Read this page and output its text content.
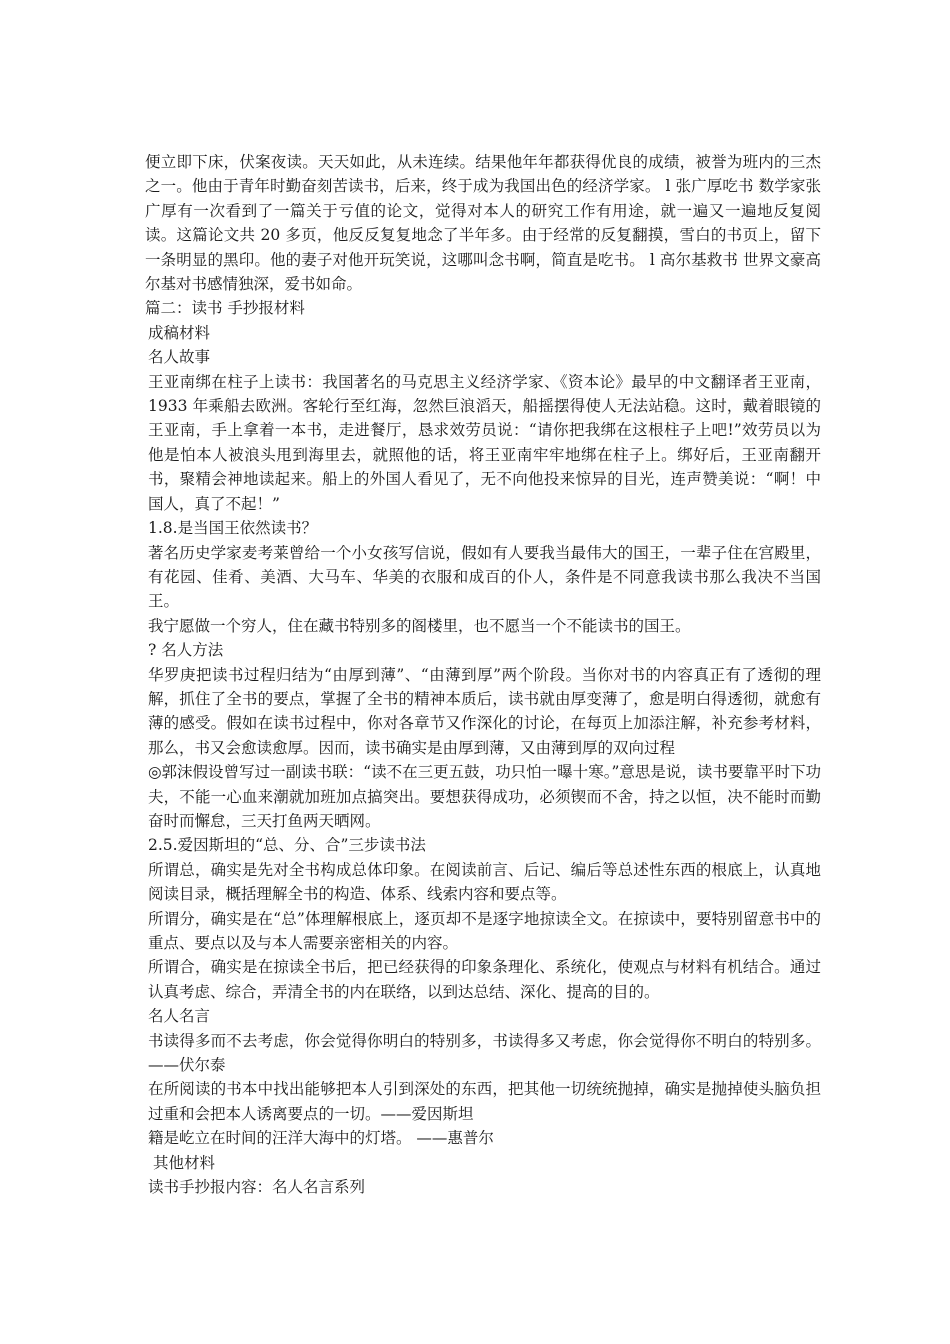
便立即下床，伏案夜读。天天如此，从未连续。结果他年年都获得优良的成绩，被誉为班内的三杰之一。他由于青年时勤奋刻苦读书，后来，终于成为我国出色的经济学家。 l 张广厚吃书 数学家张广厚有一次看到了一篇关于亏值的论文，觉得对本人的研究工作有用途，就一遍又一遍地反复阅读。这篇论文共 20 多页，他反反复复地念了半年多。由于经常的反复翻摸，雪白的书页上，留下一条明显的黑印。他的妻子对他开玩笑说，这哪叫念书啊，简直是吃书。 l 高尔基救书 世界文豪高尔基对书感情独深，爱书如命。

篇二：读书 手抄报材料

成稿材料

名人故事

王亚南绑在柱子上读书：我国著名的马克思主义经济学家、《资本论》最早的中文翻译者王亚南，1933 年乘船去欧洲。客轮行至红海，忽然巨浪滔天，船摇摆得使人无法站稳。这时，戴着眼镜的王亚南，手上拿着一本书，走进餐厅，恳求效劳员说：“请你把我绑在这根柱子上吧!”效劳员以为他是怕本人被浪头甩到海里去，就照他的话，将王亚南牢牢地绑在柱子上。绑好后，王亚南翻开书，聚精会神地读起来。船上的外国人看见了，无不向他投来惊异的目光，连声赞美说：“啊！中国人，真了不起！”

1.8.是当国王依然读书？

著名历史学家麦考莱曾给一个小女孩写信说，假如有人要我当最伟大的国王，一辈子住在宫殿里，有花园、佳肴、美酒、大马车、华美的衣服和成百的仆人，条件是不同意我读书那么我决不当国王。

我宁愿做一个穷人，住在藏书特别多的阁楼里，也不愿当一个不能读书的国王。

? 名人方法

华罗庚把读书过程归结为“由厚到薄”、“由薄到厚”两个阶段。当你对书的内容真正有了透彻的理解，抓住了全书的要点，掌握了全书的精神本质后，读书就由厚变薄了，愈是明白得透彻，就愈有薄的感受。假如在读书过程中，你对各章节又作深化的讨论，在每页上加添注解，补充参考材料，那么，书又会愈读愈厚。因而，读书确实是由厚到薄，又由薄到厚的双向过程

◎郭沫假设曾写过一副读书联：“读不在三更五鼓，功只怕一曝十寒。”意思是说，读书要靠平时下功夫，不能一心血来潮就加班加点搞突出。要想获得成功，必须锲而不舍，持之以恒，决不能时而勤奋时而懈怠，三天打鱼两天晒网。

2.5.爱因斯坦的“总、分、合”三步读书法

所谓总，确实是先对全书构成总体印象。在阅读前言、后记、编后等总述性东西的根底上，认真地阅读目录，概括理解全书的构造、体系、线索内容和要点等。

所谓分，确实是在“总”体理解根底上，逐页却不是逐字地掠读全文。在掠读中，要特别留意书中的重点、要点以及与本人需要亲密相关的内容。

所谓合，确实是在掠读全书后，把已经获得的印象条理化、系统化，使观点与材料有机结合。通过认真考虑、综合，弄清全书的内在联络，以到达总结、深化、提高的目的。

名人名言

书读得多而不去考虑，你会觉得你明白的特别多，书读得多又考虑，你会觉得你不明白的特别多。——伏尔泰

在所阅读的书本中找出能够把本人引到深处的东西，把其他一切统统抛掉，确实是抛掉使头脑负担过重和会把本人诱离要点的一切。——爱因斯坦

籍是屹立在时间的汪洋大海中的灯塔。 ——惠普尔

其他材料

读书手抄报内容：名人名言系列
